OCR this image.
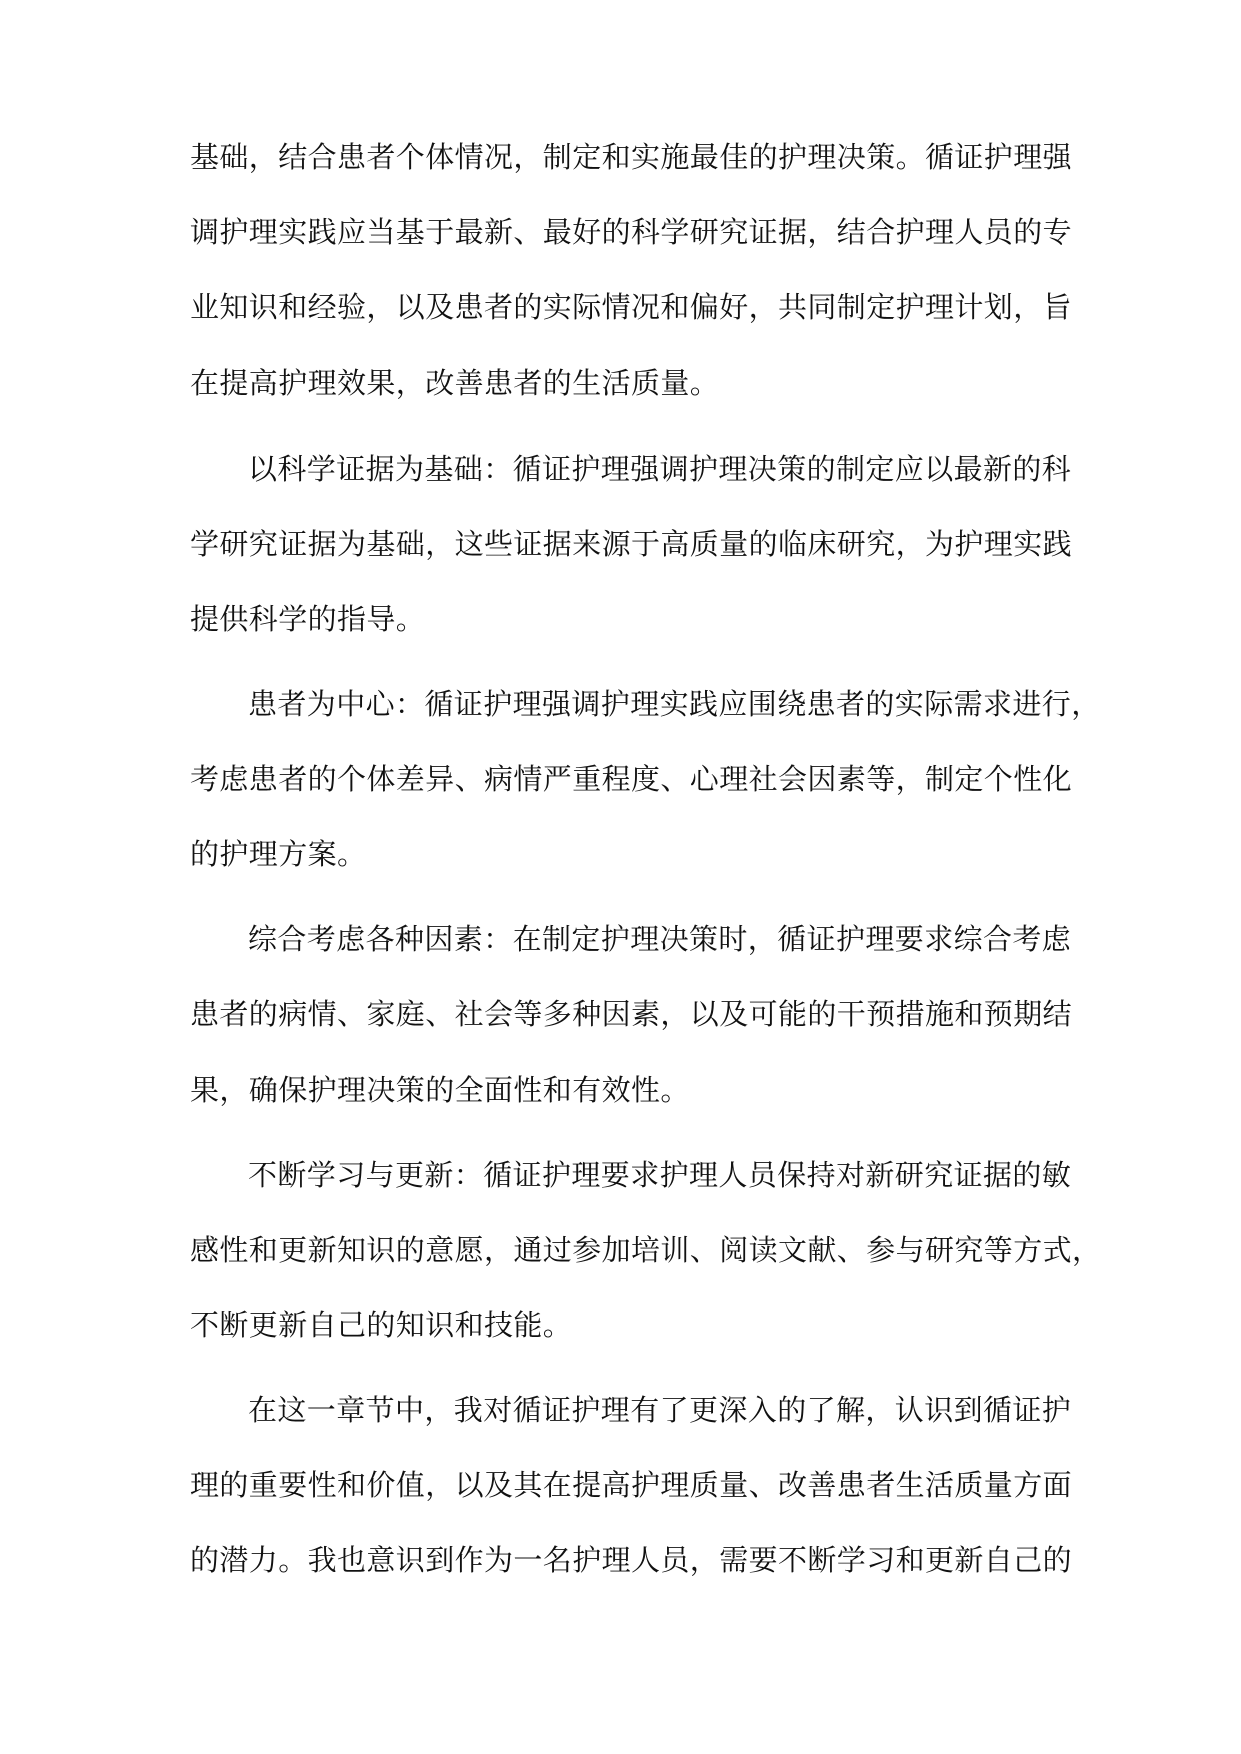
基础，结合患者个体情况，制定和实施最佳的护理决策。循证护理强

调护理实践应当基于最新、最好的科学研究证据，结合护理人员的专

业知识和经验，以及患者的实际情况和偏好，共同制定护理计划，旨

在提高护理效果，改善患者的生活质量。

以科学证据为基础：循证护理强调护理决策的制定应以最新的科

学研究证据为基础，这些证据来源于高质量的临床研究，为护理实践

提供科学的指导。

患者为中心：循证护理强调护理实践应围绕患者的实际需求进行，

考虑患者的个体差异、病情严重程度、心理社会因素等，制定个性化

的护理方案。

综合考虑各种因素：在制定护理决策时，循证护理要求综合考虑

患者的病情、家庭、社会等多种因素，以及可能的干预措施和预期结

果，确保护理决策的全面性和有效性。

不断学习与更新：循证护理要求护理人员保持对新研究证据的敏

感性和更新知识的意愿，通过参加培训、阅读文献、参与研究等方式，

不断更新自己的知识和技能。

在这一章节中，我对循证护理有了更深入的了解，认识到循证护

理的重要性和价值，以及其在提高护理质量、改善患者生活质量方面

的潜力。我也意识到作为一名护理人员，需要不断学习和更新自己的
